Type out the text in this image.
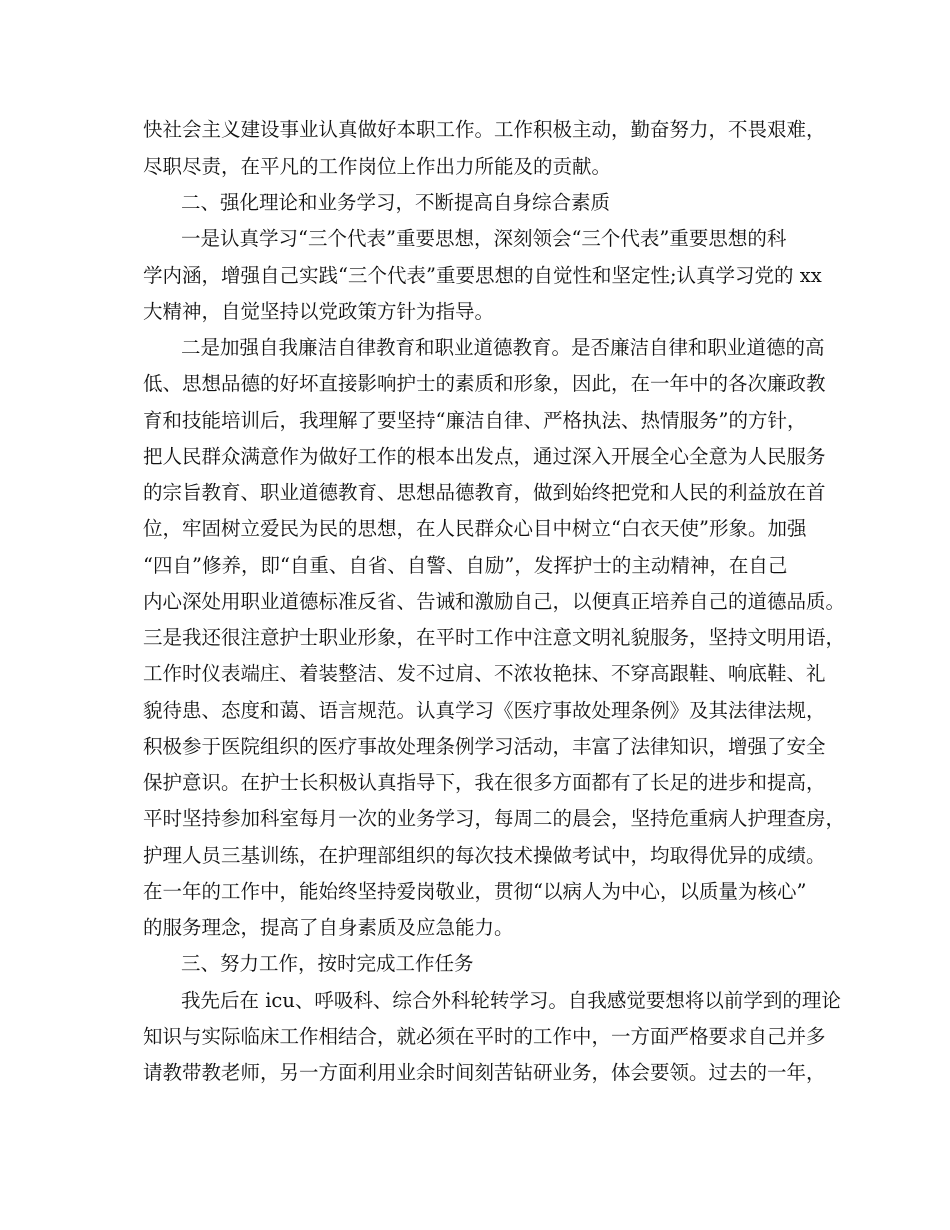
快社会主义建设事业认真做好本职工作。工作积极主动，勤奋努力，不畏艰难，
尽职尽责，在平凡的工作岗位上作出力所能及的贡献。
二、强化理论和业务学习，不断提高自身综合素质
一是认真学习“三个代表”重要思想，深刻领会“三个代表”重要思想的科
学内涵，增强自己实践“三个代表”重要思想的自觉性和坚定性;认真学习党的 xx
大精神，自觉坚持以党政策方针为指导。
二是加强自我廉洁自律教育和职业道德教育。是否廉洁自律和职业道德的高
低、思想品德的好坏直接影响护士的素质和形象，因此，在一年中的各次廉政教
育和技能培训后，我理解了要坚持“廉洁自律、严格执法、热情服务”的方针，
把人民群众满意作为做好工作的根本出发点，通过深入开展全心全意为人民服务
的宗旨教育、职业道德教育、思想品德教育，做到始终把党和人民的利益放在首
位，牢固树立爱民为民的思想，在人民群众心目中树立“白衣天使”形象。加强
“四自”修养，即“自重、自省、自警、自励”，发挥护士的主动精神，在自己
内心深处用职业道德标准反省、告诫和激励自己，以便真正培养自己的道德品质。
三是我还很注意护士职业形象，在平时工作中注意文明礼貌服务，坚持文明用语，
工作时仪表端庄、着装整洁、发不过肩、不浓妆艳抹、不穿高跟鞋、响底鞋、礼
貌待患、态度和蔼、语言规范。认真学习《医疗事故处理条例》及其法律法规，
积极参于医院组织的医疗事故处理条例学习活动，丰富了法律知识，增强了安全
保护意识。在护士长积极认真指导下，我在很多方面都有了长足的进步和提高，
平时坚持参加科室每月一次的业务学习，每周二的晨会，坚持危重病人护理查房，
护理人员三基训练，在护理部组织的每次技术操做考试中，均取得优异的成绩。
在一年的工作中，能始终坚持爱岗敬业，贯彻“以病人为中心，以质量为核心”
的服务理念，提高了自身素质及应急能力。
三、努力工作，按时完成工作任务
我先后在 icu、呼吸科、综合外科轮转学习。自我感觉要想将以前学到的理论
知识与实际临床工作相结合，就必须在平时的工作中，一方面严格要求自己并多
请教带教老师，另一方面利用业余时间刻苦钻研业务，体会要领。过去的一年，
